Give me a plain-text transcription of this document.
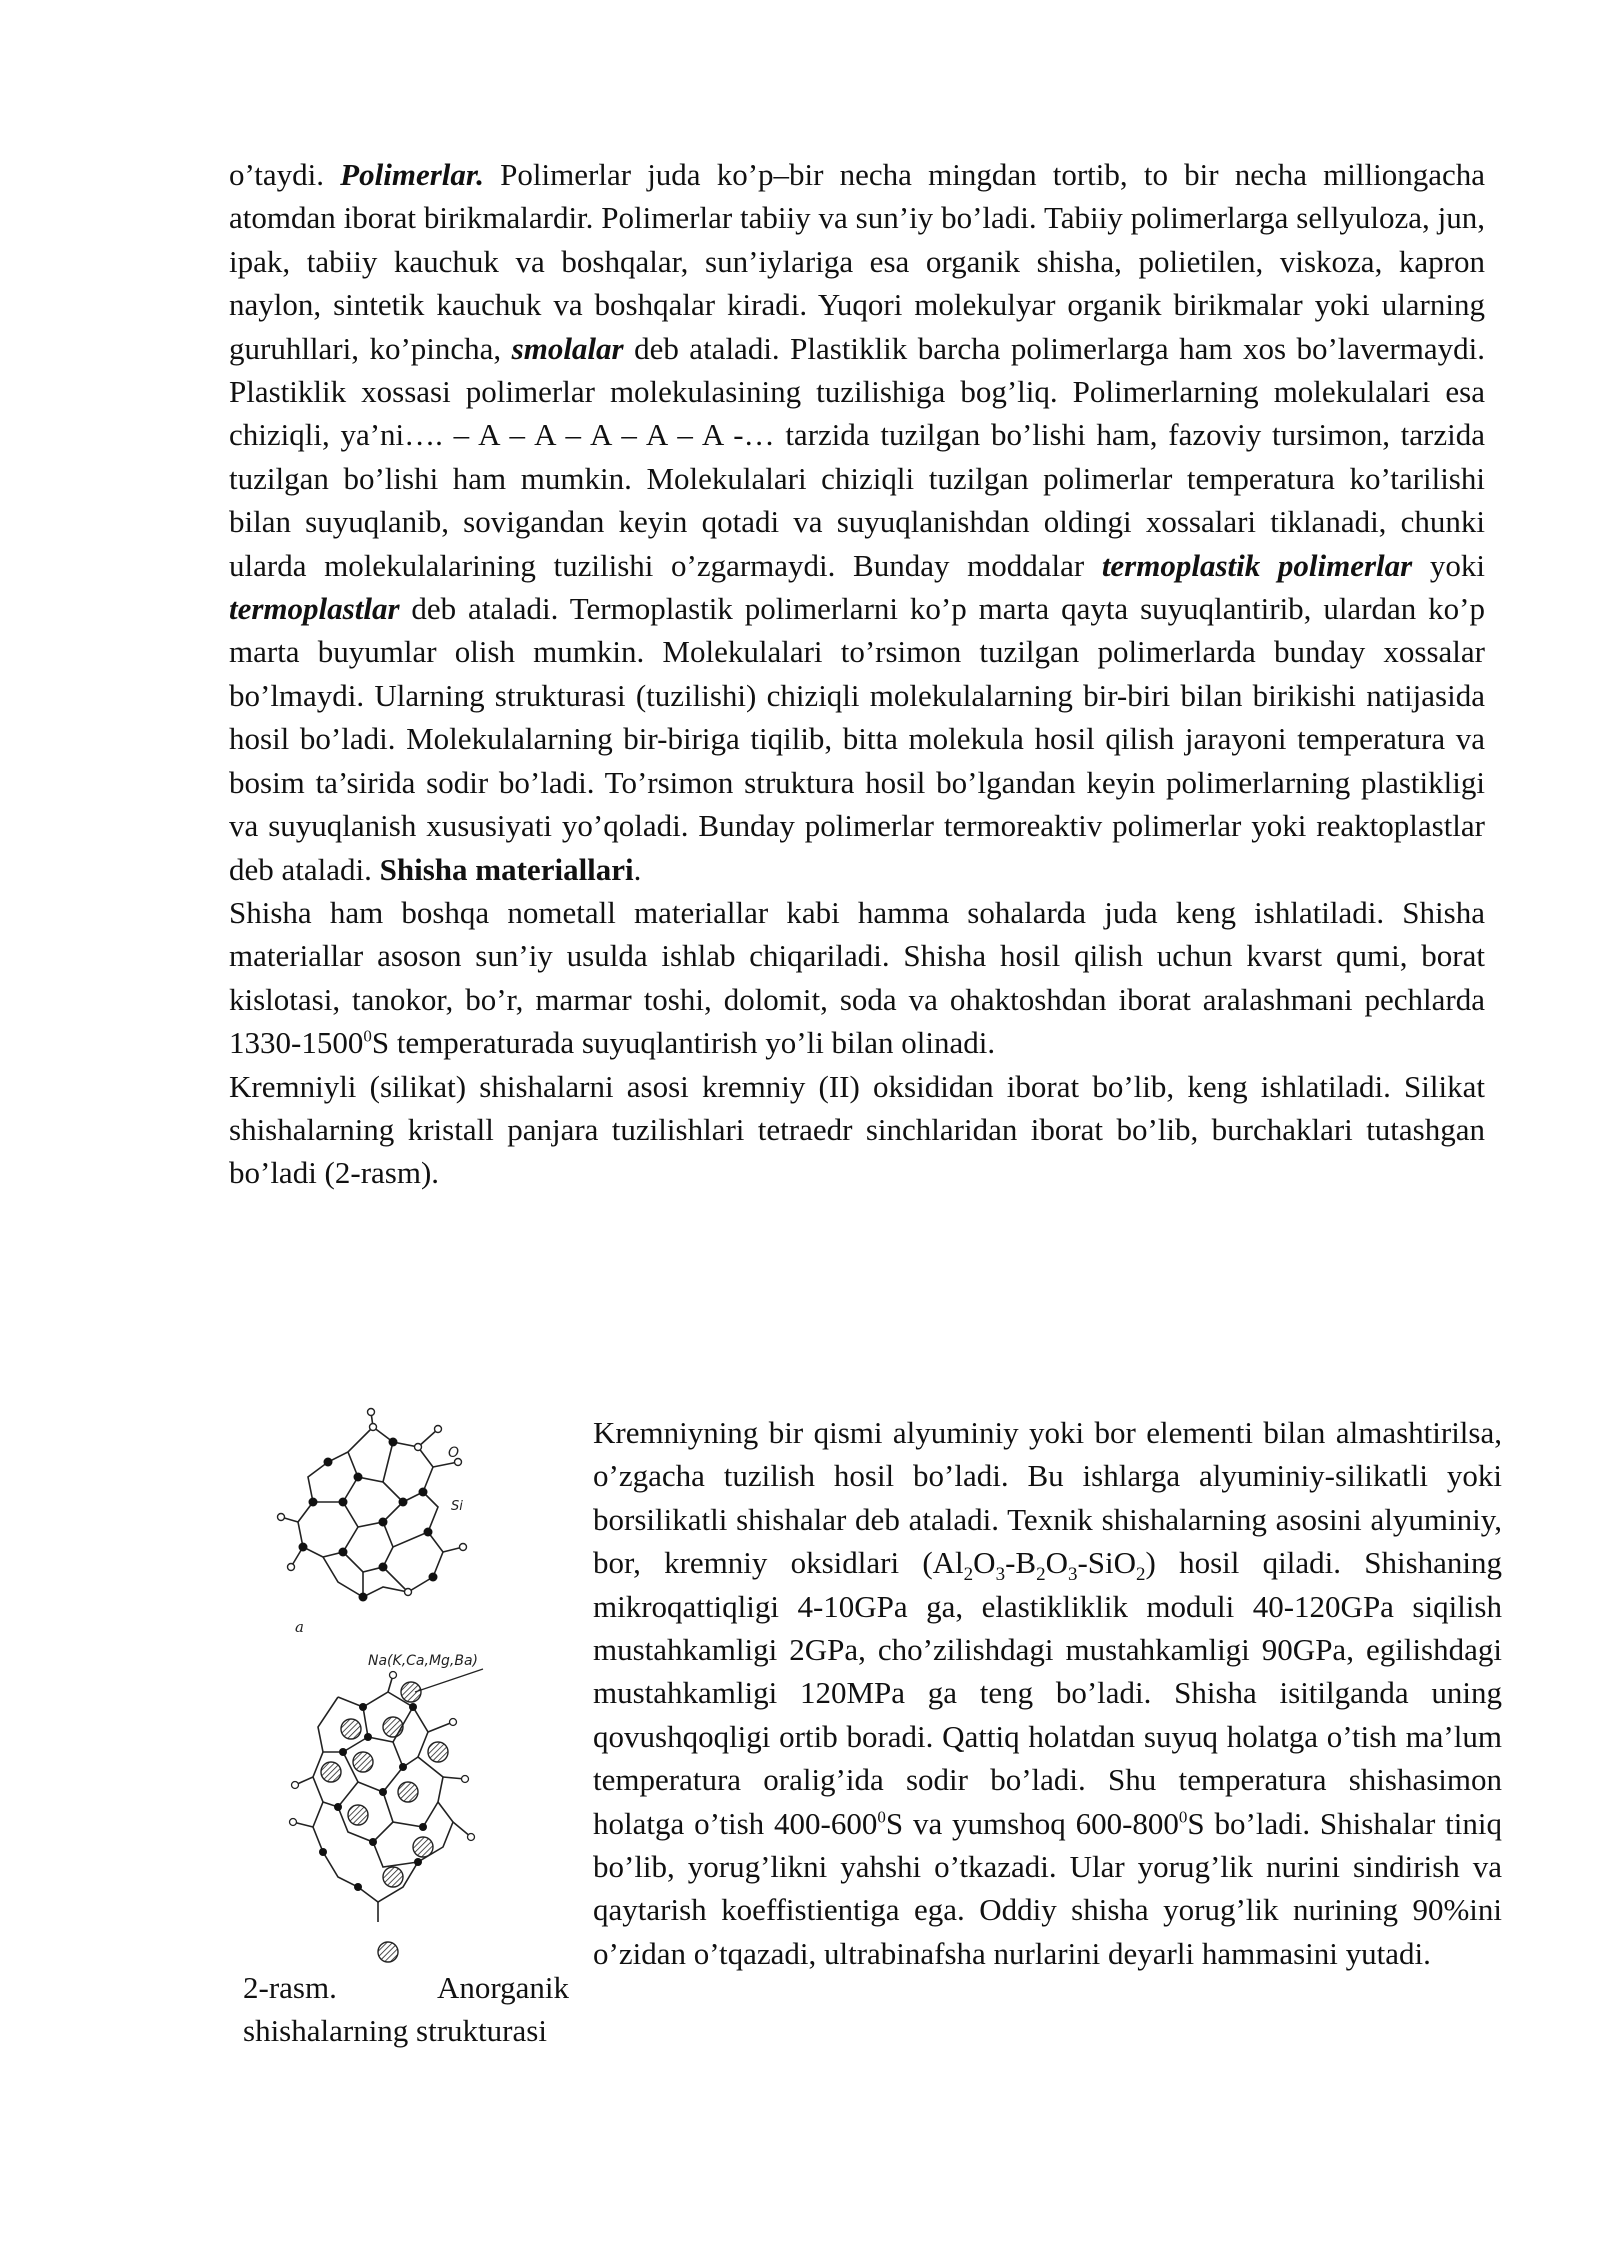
o’taydi. Polimerlar. Polimerlar juda ko’p–bir necha mingdan tortib, to bir necha milliongacha atomdan iborat birikmalardir. Polimerlar tabiiy va sun’iy bo’ladi. Tabiiy polimerlarga sellyuloza, jun, ipak, tabiiy kauchuk va boshqalar, sun’iylariga esa organik shisha, polietilen, viskoza, kapron naylon, sintetik kauchuk va boshqalar kiradi. Yuqori molekulyar organik birikmalar yoki ularning guruhllari, ko’pincha, smolalar deb ataladi. Plastiklik barcha polimerlarga ham xos bo’lavermaydi. Plastiklik xossasi polimerlar molekulasining tuzilishiga bog’liq. Polimerlarning molekulalari esa chiziqli, ya’ni…. – A – A – A – A – A -… tarzida tuzilgan bo’lishi ham, fazoviy tursimon, tarzida tuzilgan bo’lishi ham mumkin. Molekulalari chiziqli tuzilgan polimerlar temperatura ko’tarilishi bilan suyuqlanib, sovigandan keyin qotadi va suyuqlanishdan oldingi xossalari tiklanadi, chunki ularda molekulalarining tuzilishi o’zgarmaydi. Bunday moddalar termoplastik polimerlar yoki termoplastlar deb ataladi. Termoplastik polimerlarni ko’p marta qayta suyuqlantirib, ulardan ko’p marta buyumlar olish mumkin. Molekulalari to’rsimon tuzilgan polimerlarda bunday xossalar bo’lmaydi. Ularning strukturasi (tuzilishi) chiziqli molekulalarning bir-biri bilan birikishi natijasida hosil bo’ladi. Molekulalarning bir-biriga tiqilib, bitta molekula hosil qilish jarayoni temperatura va bosim ta’sirida sodir bo’ladi. To’rsimon struktura hosil bo’lgandan keyin polimerlarning plastikligi va suyuqlanish xususiyati yo’qoladi. Bunday polimerlar termoreaktiv polimerlar yoki reaktoplastlar deb ataladi. Shisha materiallari.

Shisha ham boshqa nometall materiallar kabi hamma sohalarda juda keng ishlatiladi. Shisha materiallar asoson sun’iy usulda ishlab chiqariladi. Shisha hosil qilish uchun kvarst qumi, borat kislotasi, tanokor, bo’r, marmar toshi, dolomit, soda va ohaktoshdan iborat aralashmani pechlarda 1330-1500$^0$S temperaturada suyuqlantirish yo’li bilan olinadi.

Kremniyli (silikat) shishalarni asosi kremniy (II) oksididan iborat bo’lib, keng ishlatiladi. Silikat shishalarning kristall panjara tuzilishlari tetraedr sinchlaridan iborat bo’lib, burchaklari tutashgan bo’ladi (2-rasm).

O
Si
a
Na(K,Ca,Mg,Ba)
2-rasm.	Anorganik
shishalarning strukturasi

Kremniyning bir qismi alyuminiy yoki bor elementi bilan almashtirilsa, o’zgacha tuzilish hosil bo’ladi. Bu ishlarga alyuminiy-silikatli yoki borsilikatli shishalar deb ataladi. Texnik shishalarning asosini alyuminiy, bor, kremniy oksidlari $(Al_2O_3-B_2O_3-SiO_2)$ hosil qiladi. Shishaning mikroqattiqligi 4-10GPa ga, elastikliklik moduli 40-120GPa siqilish mustahkamligi 2GPa, cho’zilishdagi mustahkamligi 90GPa, egilishdagi mustahkamligi 120MPa ga teng bo’ladi. Shisha isitilganda uning qovushqoqligi ortib boradi. Qattiq holatdan suyuq holatga o’tish ma’lum temperatura oralig’ida sodir bo’ladi. Shu temperatura shishasimon holatga o’tish $400-600^0S$ va yumshoq $600-800^0S$ bo’ladi. Shishalar tiniq bo’lib, yorug’likni yahshi o’tkazadi. Ular yorug’lik nurini sindirish va qaytarish koeffistientiga ega. Oddiy shisha yorug’lik nurining 90%ini o’zidan o’tqazadi, ultrabinafsha nurlarini deyarli hammasini yutadi.
